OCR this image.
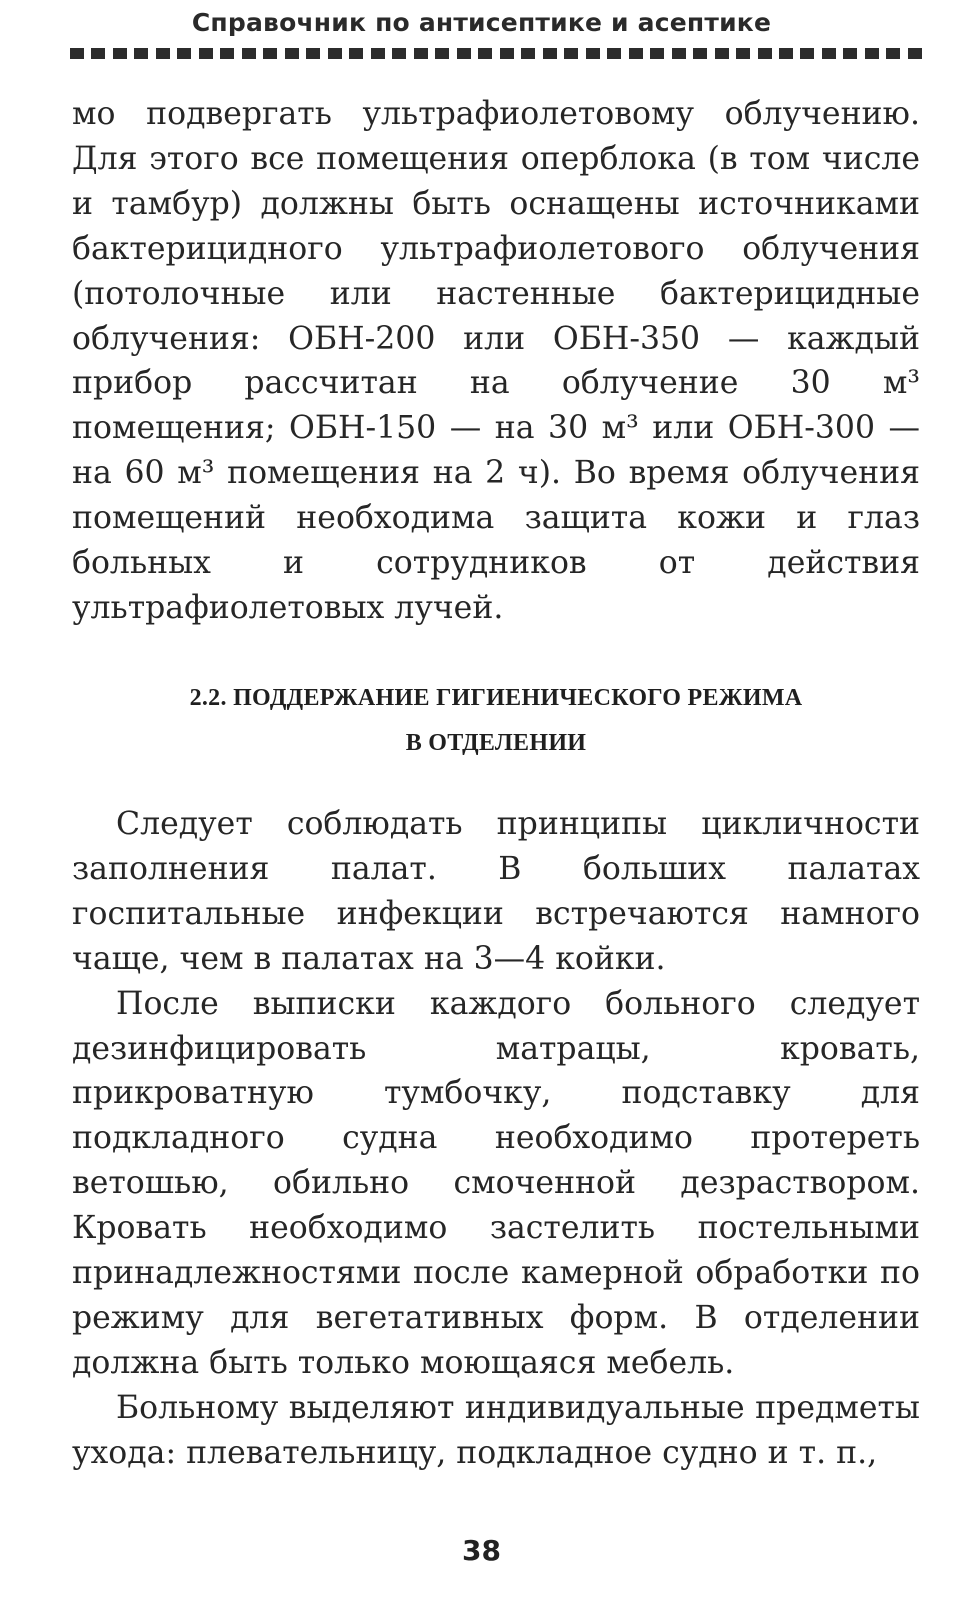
Справочник по антисептике и асептике

мо подвергать ультрафиолетовому облучению. Для этого все помещения оперблока (в том числе и тамбур) должны быть оснащены источниками бактерицидного ультрафиолетового облучения (потолочные или настенные бактерицидные облучения: ОБН-200 или ОБН-350 — каждый прибор рассчитан на облучение 30 м³ помещения; ОБН-150 — на 30 м³ или ОБН-300 — на 60 м³ помещения на 2 ч). Во время облучения помещений необходима защита кожи и глаз больных и сотрудников от действия ультрафиолетовых лучей.

2.2. ПОДДЕРЖАНИЕ ГИГИЕНИЧЕСКОГО РЕЖИМА
В ОТДЕЛЕНИИ

Следует соблюдать принципы цикличности заполнения палат. В больших палатах госпитальные инфекции встречаются намного чаще, чем в палатах на 3—4 койки.

После выписки каждого больного следует дезинфицировать матрацы, кровать, прикроватную тумбочку, подставку для подкладного судна необходимо протереть ветошью, обильно смоченной дезраствором. Кровать необходимо застелить постельными принадлежностями после камерной обработки по режиму для вегетативных форм. В отделении должна быть только моющаяся мебель.

Больному выделяют индивидуальные предметы ухода: плевательницу, подкладное судно и т. п.,

38
